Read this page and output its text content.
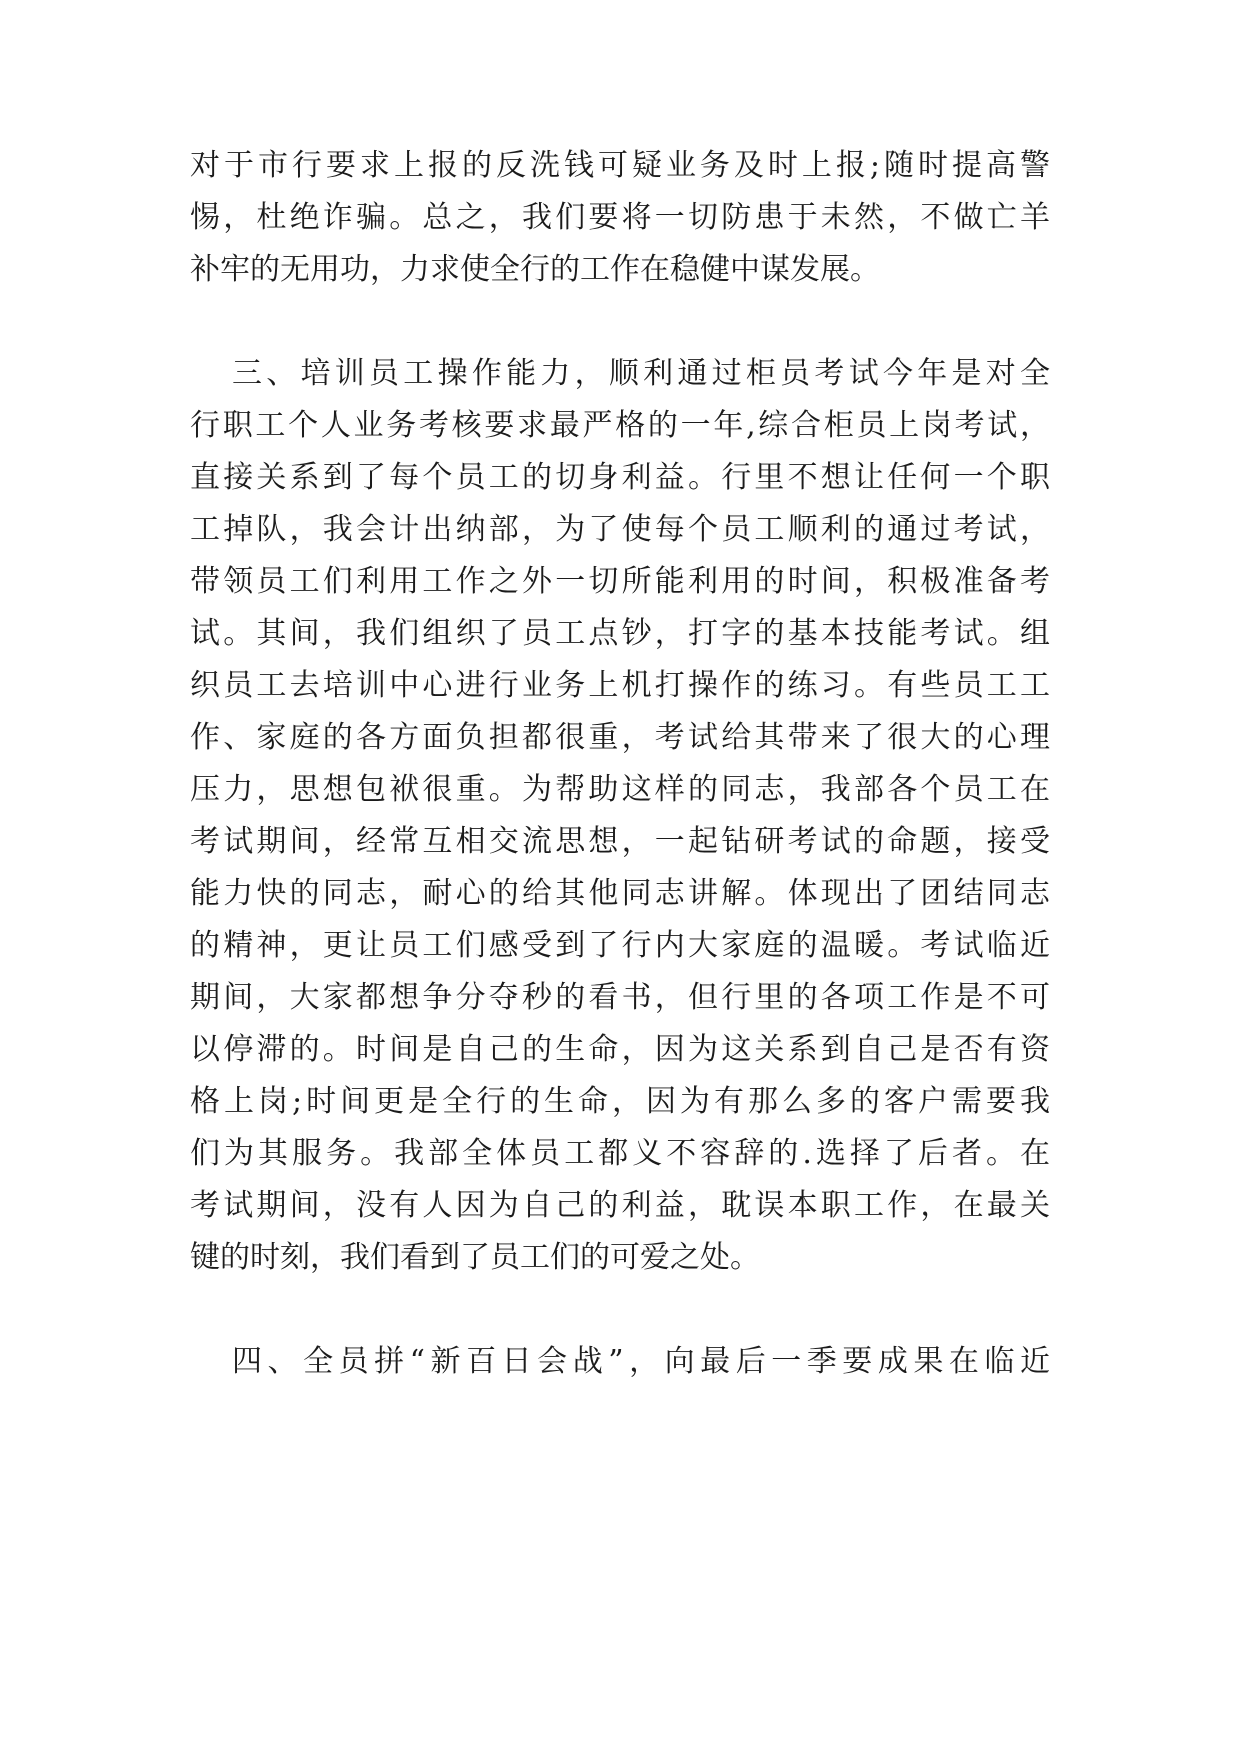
对于市行要求上报的反洗钱可疑业务及时上报;随时提高警
惕，杜绝诈骗。总之，我们要将一切防患于未然，不做亡羊
补牢的无用功，力求使全行的工作在稳健中谋发展。
三、培训员工操作能力，顺利通过柜员考试今年是对全
行职工个人业务考核要求最严格的一年,综合柜员上岗考试，
直接关系到了每个员工的切身利益。行里不想让任何一个职
工掉队，我会计出纳部，为了使每个员工顺利的通过考试，
带领员工们利用工作之外一切所能利用的时间，积极准备考
试。其间，我们组织了员工点钞，打字的基本技能考试。组
织员工去培训中心进行业务上机打操作的练习。有些员工工
作、家庭的各方面负担都很重，考试给其带来了很大的心理
压力，思想包袱很重。为帮助这样的同志，我部各个员工在
考试期间，经常互相交流思想，一起钻研考试的命题，接受
能力快的同志，耐心的给其他同志讲解。体现出了团结同志
的精神，更让员工们感受到了行内大家庭的温暖。考试临近
期间，大家都想争分夺秒的看书，但行里的各项工作是不可
以停滞的。时间是自己的生命，因为这关系到自己是否有资
格上岗;时间更是全行的生命，因为有那么多的客户需要我
们为其服务。我部全体员工都义不容辞的.选择了后者。在
考试期间，没有人因为自己的利益，耽误本职工作，在最关
键的时刻，我们看到了员工们的可爱之处。
四、全员拼“新百日会战”，向最后一季要成果在临近
